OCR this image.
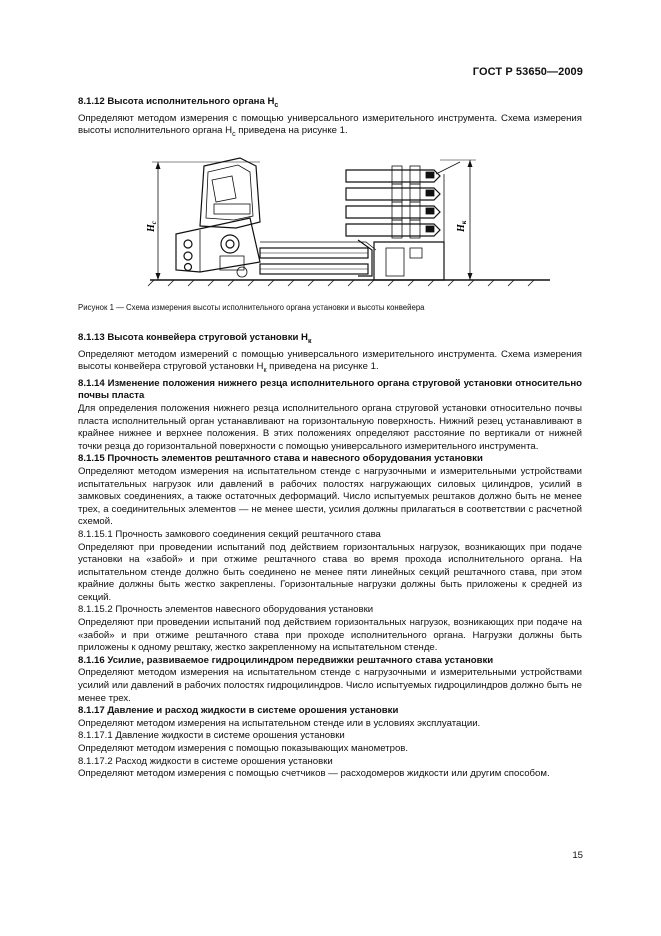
ГОСТ Р 53650—2009

8.1.12 Высота исполнительного органа $H_с$

Определяют методом измерения с помощью универсального измерительного инструмента. Схема измерения высоты исполнительного органа $H_с$ приведена на рисунке 1.

$H_с$
$H_к$

Рисунок 1 — Схема измерения высоты исполнительного органа установки и высоты конвейера

8.1.13 Высота конвейера струговой установки $H_к$

Определяют методом измерений с помощью универсального измерительного инструмента. Схема измерения высоты конвейера струговой установки $H_к$ приведена на рисунке 1.

8.1.14 Изменение положения нижнего резца исполнительного органа струговой установки относительно почвы пласта

Для определения положения нижнего резца исполнительного органа струговой установки относительно почвы пласта исполнительный орган устанавливают на горизонтальную поверхность. Нижний резец устанавливают в крайнее нижнее и верхнее положения. В этих положениях определяют расстояние по вертикали от нижней точки резца до горизонтальной поверхности с помощью универсального измерительного инструмента.

8.1.15 Прочность элементов рештачного става и навесного оборудования установки

Определяют методом измерения на испытательном стенде с нагрузочными и измерительными устройствами испытательных нагрузок или давлений в рабочих полостях нагружающих силовых цилиндров, усилий в замковых соединениях, а также остаточных деформаций. Число испытуемых рештаков должно быть не менее трех, а соединительных элементов — не менее шести, усилия должны прилагаться в соответствии с расчетной схемой.

8.1.15.1 Прочность замкового соединения секций рештачного става

Определяют при проведении испытаний под действием горизонтальных нагрузок, возникающих при подаче установки на «забой» и при отжиме рештачного става во время прохода исполнительного органа. На испытательном стенде должно быть соединено не менее пяти линейных секций рештачного става, при этом крайние должны быть жестко закреплены. Горизонтальные нагрузки должны быть приложены к средней из секций.

8.1.15.2 Прочность элементов навесного оборудования установки

Определяют при проведении испытаний под действием горизонтальных нагрузок, возникающих при подаче на «забой» и при отжиме рештачного става при проходе исполнительного органа. Нагрузки должны быть приложены к одному рештаку, жестко закрепленному на испытательном стенде.

8.1.16 Усилие, развиваемое гидроцилиндром передвижки рештачного става установки

Определяют методом измерения на испытательном стенде с нагрузочными и измерительными устройствами усилий или давлений в рабочих полостях гидроцилиндров. Число испытуемых гидроцилиндров должно быть не менее трех.

8.1.17 Давление и расход жидкости в системе орошения установки

Определяют методом измерения на испытательном стенде или в условиях эксплуатации.

8.1.17.1 Давление жидкости в системе орошения установки

Определяют методом измерения с помощью показывающих манометров.

8.1.17.2 Расход жидкости в системе орошения установки

Определяют методом измерения с помощью счетчиков — расходомеров жидкости или другим способом.

15
